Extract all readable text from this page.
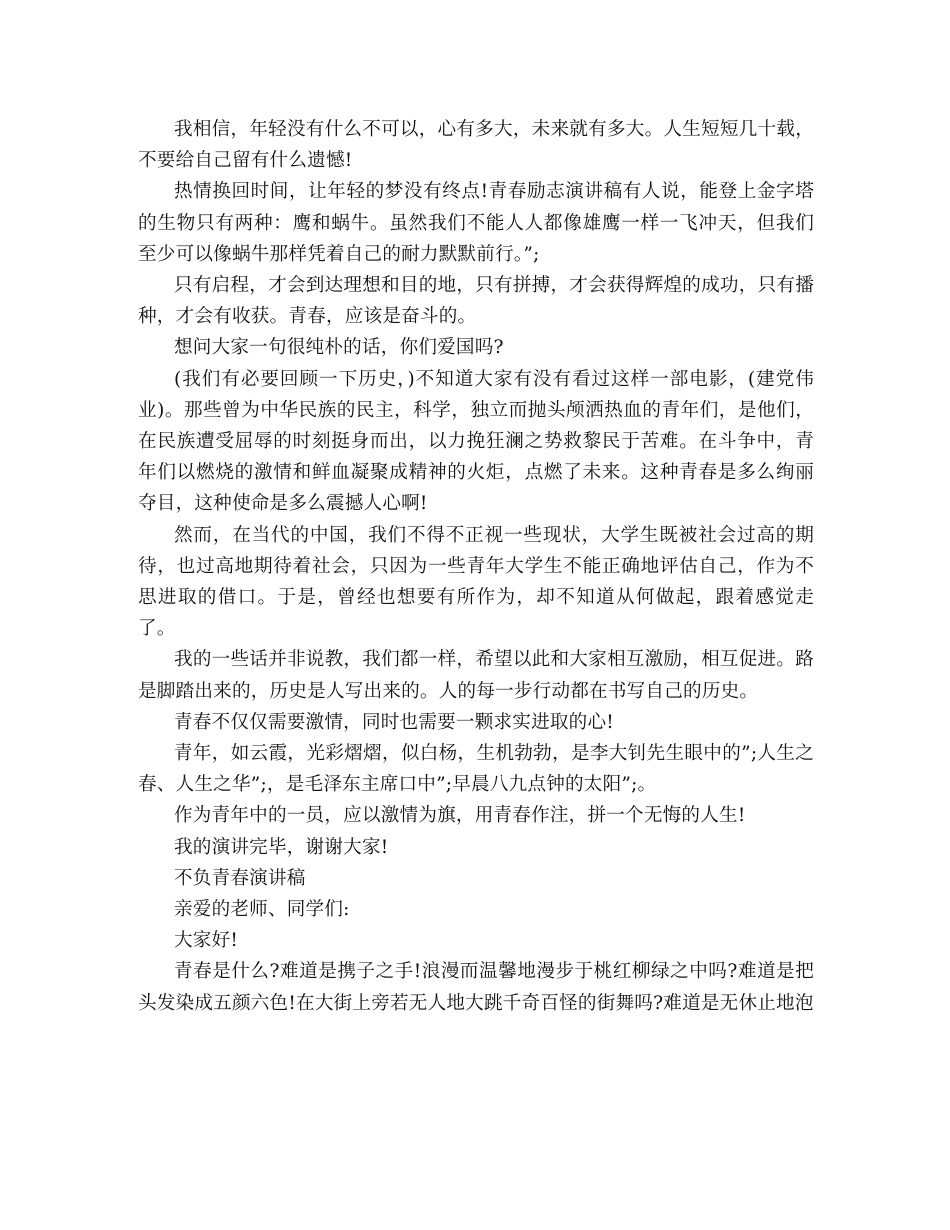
我相信，年轻没有什么不可以，心有多大，未来就有多大。人生短短几十载，不要给自己留有什么遗憾!

热情换回时间，让年轻的梦没有终点!青春励志演讲稿有人说，能登上金字塔的生物只有两种：鹰和蜗牛。虽然我们不能人人都像雄鹰一样一飞冲天，但我们至少可以像蜗牛那样凭着自己的耐力默默前行。”;

只有启程，才会到达理想和目的地，只有拼搏，才会获得辉煌的成功，只有播种，才会有收获。青春，应该是奋斗的。

想问大家一句很纯朴的话，你们爱国吗?

(我们有必要回顾一下历史，)不知道大家有没有看过这样一部电影，(建党伟业)。那些曾为中华民族的民主，科学，独立而抛头颅洒热血的青年们，是他们，在民族遭受屈辱的时刻挺身而出，以力挽狂澜之势救黎民于苦难。在斗争中，青年们以燃烧的激情和鲜血凝聚成精神的火炬，点燃了未来。这种青春是多么绚丽夺目，这种使命是多么震撼人心啊!

然而，在当代的中国，我们不得不正视一些现状，大学生既被社会过高的期待，也过高地期待着社会，只因为一些青年大学生不能正确地评估自己，作为不思进取的借口。于是，曾经也想要有所作为，却不知道从何做起，跟着感觉走了。

我的一些话并非说教，我们都一样，希望以此和大家相互激励，相互促进。路是脚踏出来的，历史是人写出来的。人的每一步行动都在书写自己的历史。

青春不仅仅需要激情，同时也需要一颗求实进取的心!

青年，如云霞，光彩熠熠，似白杨，生机勃勃，是李大钊先生眼中的”;人生之春、人生之华”;，是毛泽东主席口中”;早晨八九点钟的太阳”;。

作为青年中的一员，应以激情为旗，用青春作注，拼一个无悔的人生!

我的演讲完毕，谢谢大家!

不负青春演讲稿

亲爱的老师、同学们:

大家好!

青春是什么?难道是携子之手!浪漫而温馨地漫步于桃红柳绿之中吗?难道是把头发染成五颜六色!在大街上旁若无人地大跳千奇百怪的街舞吗?难道是无休止地泡
